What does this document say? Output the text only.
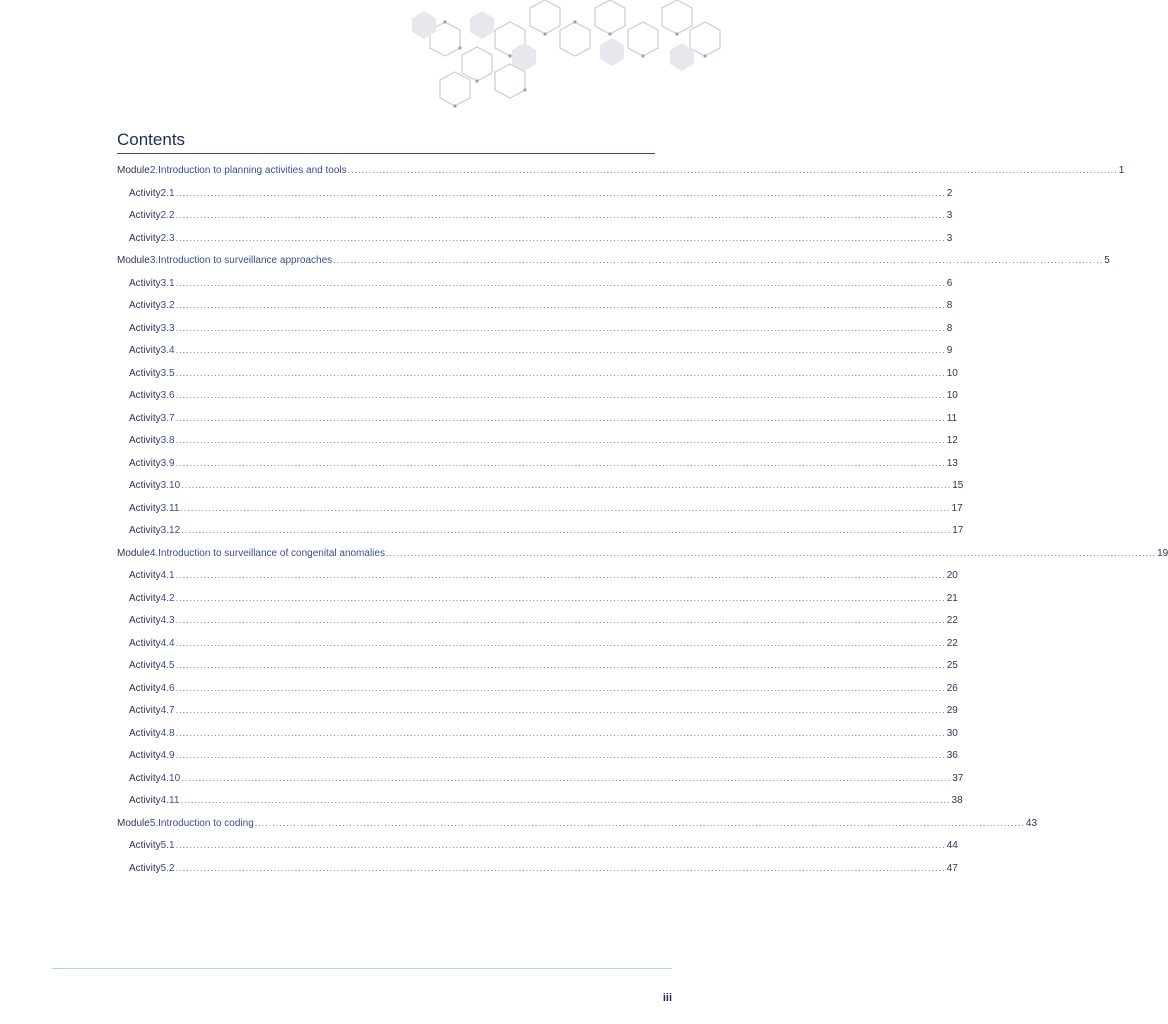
Contents
Module 2. Introduction to planning activities and tools ............................................................................................................................................................................................................................ 1
Activity 2.1 ............................................................................................................................................................................................................................ 2
Activity 2.2 ............................................................................................................................................................................................................................ 3
Activity 2.3 ............................................................................................................................................................................................................................ 3
Module 3. Introduction to surveillance approaches ............................................................................................................................................................................................................................ 5
Activity 3.1 ............................................................................................................................................................................................................................ 6
Activity 3.2 ............................................................................................................................................................................................................................ 8
Activity 3.3 ............................................................................................................................................................................................................................ 8
Activity 3.4 ............................................................................................................................................................................................................................ 9
Activity 3.5 ............................................................................................................................................................................................................................ 10
Activity 3.6 ............................................................................................................................................................................................................................ 10
Activity 3.7 ............................................................................................................................................................................................................................ 11
Activity 3.8 ............................................................................................................................................................................................................................ 12
Activity 3.9 ............................................................................................................................................................................................................................ 13
Activity 3.10 ............................................................................................................................................................................................................................ 15
Activity 3.11 ............................................................................................................................................................................................................................ 17
Activity 3.12 ............................................................................................................................................................................................................................ 17
Module 4. Introduction to surveillance of congenital anomalies ............................................................................................................................................................................................................................ 19
Activity 4.1 ............................................................................................................................................................................................................................ 20
Activity 4.2 ............................................................................................................................................................................................................................ 21
Activity 4.3 ............................................................................................................................................................................................................................ 22
Activity 4.4 ............................................................................................................................................................................................................................ 22
Activity 4.5 ............................................................................................................................................................................................................................ 25
Activity 4.6 ............................................................................................................................................................................................................................ 26
Activity 4.7 ............................................................................................................................................................................................................................ 29
Activity 4.8 ............................................................................................................................................................................................................................ 30
Activity 4.9 ............................................................................................................................................................................................................................ 36
Activity 4.10 ............................................................................................................................................................................................................................ 37
Activity 4.11 ............................................................................................................................................................................................................................ 38
Module 5. Introduction to coding ............................................................................................................................................................................................................................ 43
Activity 5.1 ............................................................................................................................................................................................................................ 44
Activity 5.2 ............................................................................................................................................................................................................................ 47
iii
